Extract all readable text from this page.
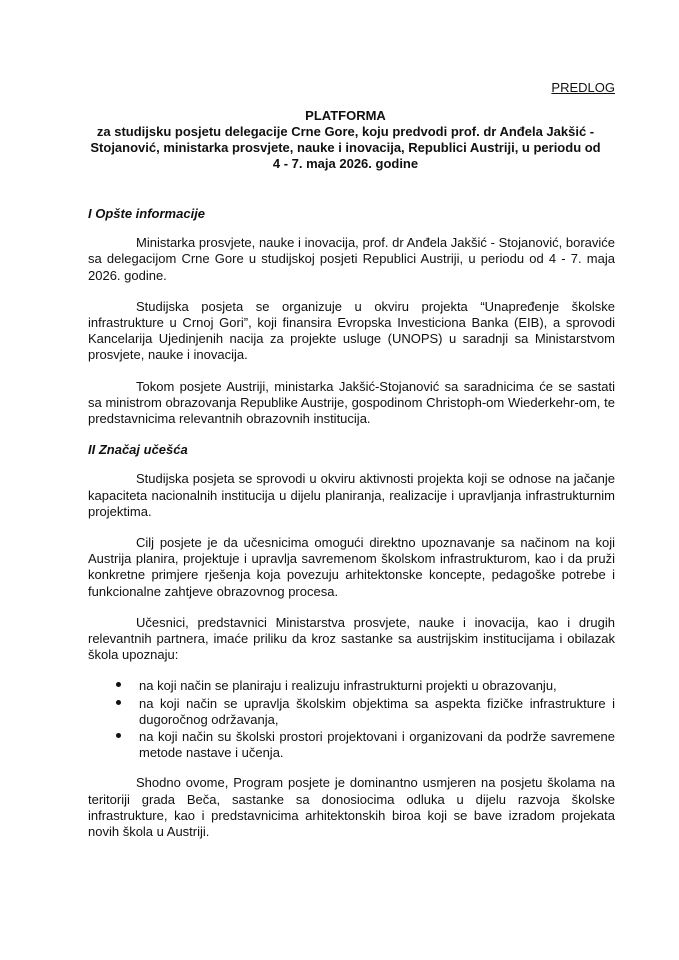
PREDLOG

PLATFORMA

za studijsku posjetu delegacije Crne Gore, koju predvodi prof. dr Anđela Jakšić - Stojanović, ministarka prosvjete, nauke i inovacija, Republici Austriji, u periodu od 4 - 7. maja 2026. godine

I Opšte informacije

Ministarka prosvjete, nauke i inovacija, prof. dr Anđela Jakšić - Stojanović, boraviće sa delegacijom Crne Gore u studijskoj posjeti Republici Austriji, u periodu od 4 - 7. maja 2026. godine.

Studijska posjeta se organizuje u okviru projekta “Unapređenje školske infrastrukture u Crnoj Gori”, koji finansira Evropska Investiciona Banka (EIB), a sprovodi Kancelarija Ujedinjenih nacija za projekte usluge (UNOPS) u saradnji sa Ministarstvom prosvjete, nauke i inovacija.

Tokom posjete Austriji, ministarka Jakšić-Stojanović sa saradnicima će se sastati sa ministrom obrazovanja Republike Austrije, gospodinom Christoph-om Wiederkehr-om, te predstavnicima relevantnih obrazovnih institucija.

II Značaj učešća

Studijska posjeta se sprovodi u okviru aktivnosti projekta koji se odnose na jačanje kapaciteta nacionalnih institucija u dijelu planiranja, realizacije i upravljanja infrastrukturnim projektima.

Cilj posjete je da učesnicima omogući direktno upoznavanje sa načinom na koji Austrija planira, projektuje i upravlja savremenom školskom infrastrukturom, kao i da pruži konkretne primjere rješenja koja povezuju arhitektonske koncepte, pedagoške potrebe i funkcionalne zahtjeve obrazovnog procesa.

Učesnici, predstavnici Ministarstva prosvjete, nauke i inovacija, kao i drugih relevantnih partnera, imaće priliku da kroz sastanke sa austrijskim institucijama i obilazak škola upoznaju:

na koji način se planiraju i realizuju infrastrukturni projekti u obrazovanju,
na koji način se upravlja školskim objektima sa aspekta fizičke infrastrukture i dugoročnog održavanja,
na koji način su školski prostori projektovani i organizovani da podrže savremene metode nastave i učenja.

Shodno ovome, Program posjete je dominantno usmjeren na posjetu školama na teritoriji grada Beča, sastanke sa donosiocima odluka u dijelu razvoja školske infrastrukture, kao i predstavnicima arhitektonskih biroa koji se bave izradom projekata novih škola u Austriji.
